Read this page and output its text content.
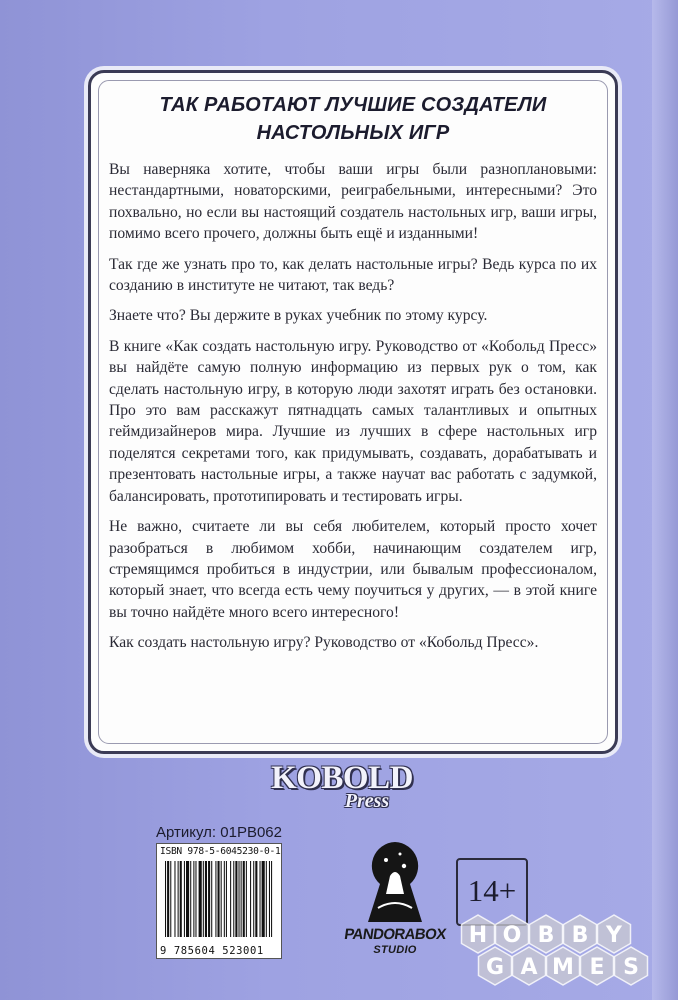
ТАК РАБОТАЮТ ЛУЧШИЕ СОЗДАТЕЛИ
НАСТОЛЬНЫХ ИГР

Вы наверняка хотите, чтобы ваши игры были разноплановыми: нестандартными, новаторскими, реиграбельными, интересными? Это похвально, но если вы настоящий создатель настольных игр, ваши игры, помимо всего прочего, должны быть ещё и изданными!

Так где же узнать про то, как делать настольные игры? Ведь курса по их созданию в институте не читают, так ведь?

Знаете что? Вы держите в руках учебник по этому курсу.

В книге «Как создать настольную игру. Руководство от «Кобольд Пресс» вы найдёте самую полную информацию из первых рук о том, как сделать настольную игру, в которую люди захотят играть без остановки. Про это вам расскажут пятнадцать самых талантливых и опытных геймдизайнеров мира. Лучшие из лучших в сфере настольных игр поделятся секретами того, как придумывать, создавать, дорабатывать и презентовать настольные игры, а также научат вас работать с задумкой, балансировать, прототипировать и тестировать игры.

Не важно, считаете ли вы себя любителем, который просто хочет разобраться в любимом хобби, начинающим создателем игр, стремящимся пробиться в индустрии, или бывалым профессионалом, который знает, что всегда есть чему поучиться у других, — в этой книге вы точно найдёте много всего интересного!

Как создать настольную игру? Руководство от «Кобольд Пресс».

KOBOLD
Press
Артикул: 01PB062
ISBN 978-5-6045230-0-1
9 785604 523001
PANDORABOX
STUDIO
14+
H O B B Y
G A M E S
